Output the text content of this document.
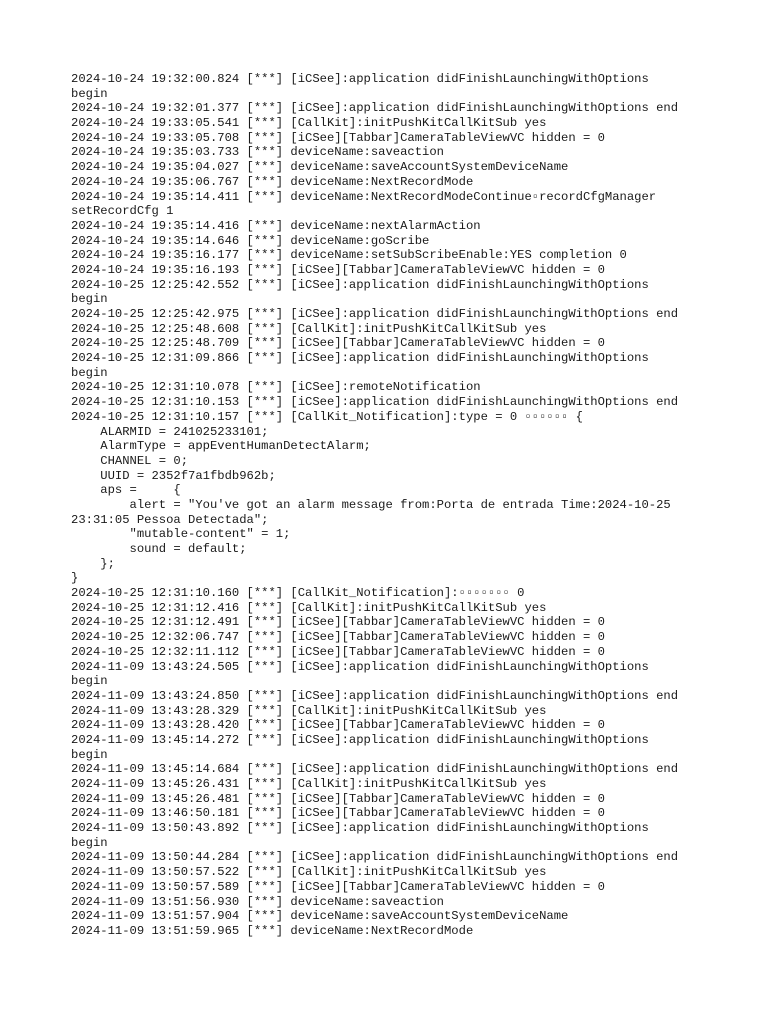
2024-10-24 19:32:00.824 [***] [iCSee]:application didFinishLaunchingWithOptions
begin
2024-10-24 19:32:01.377 [***] [iCSee]:application didFinishLaunchingWithOptions end
2024-10-24 19:33:05.541 [***] [CallKit]:initPushKitCallKitSub yes
2024-10-24 19:33:05.708 [***] [iCSee][Tabbar]CameraTableViewVC hidden = 0
2024-10-24 19:35:03.733 [***] deviceName:saveaction
2024-10-24 19:35:04.027 [***] deviceName:saveAccountSystemDeviceName
2024-10-24 19:35:06.767 [***] deviceName:NextRecordMode
2024-10-24 19:35:14.411 [***] deviceName:NextRecordModeContinue▫recordCfgManager
setRecordCfg 1
2024-10-24 19:35:14.416 [***] deviceName:nextAlarmAction
2024-10-24 19:35:14.646 [***] deviceName:goScribe
2024-10-24 19:35:16.177 [***] deviceName:setSubScribeEnable:YES completion 0
2024-10-24 19:35:16.193 [***] [iCSee][Tabbar]CameraTableViewVC hidden = 0
2024-10-25 12:25:42.552 [***] [iCSee]:application didFinishLaunchingWithOptions
begin
2024-10-25 12:25:42.975 [***] [iCSee]:application didFinishLaunchingWithOptions end
2024-10-25 12:25:48.608 [***] [CallKit]:initPushKitCallKitSub yes
2024-10-25 12:25:48.709 [***] [iCSee][Tabbar]CameraTableViewVC hidden = 0
2024-10-25 12:31:09.866 [***] [iCSee]:application didFinishLaunchingWithOptions
begin
2024-10-25 12:31:10.078 [***] [iCSee]:remoteNotification
2024-10-25 12:31:10.153 [***] [iCSee]:application didFinishLaunchingWithOptions end
2024-10-25 12:31:10.157 [***] [CallKit_Notification]:type = 0 ▫▫▫▫▫▫ {
ALARMID = 241025233101;
AlarmType = appEventHumanDetectAlarm;
CHANNEL = 0;
UUID = 2352f7a1fbdb962b;
aps =     {
alert = "You've got an alarm message from:Porta de entrada Time:2024-10-25
23:31:05 Pessoa Detectada";
"mutable-content" = 1;
sound = default;
};
}
2024-10-25 12:31:10.160 [***] [CallKit_Notification]:▫▫▫▫▫▫▫ 0
2024-10-25 12:31:12.416 [***] [CallKit]:initPushKitCallKitSub yes
2024-10-25 12:31:12.491 [***] [iCSee][Tabbar]CameraTableViewVC hidden = 0
2024-10-25 12:32:06.747 [***] [iCSee][Tabbar]CameraTableViewVC hidden = 0
2024-10-25 12:32:11.112 [***] [iCSee][Tabbar]CameraTableViewVC hidden = 0
2024-11-09 13:43:24.505 [***] [iCSee]:application didFinishLaunchingWithOptions
begin
2024-11-09 13:43:24.850 [***] [iCSee]:application didFinishLaunchingWithOptions end
2024-11-09 13:43:28.329 [***] [CallKit]:initPushKitCallKitSub yes
2024-11-09 13:43:28.420 [***] [iCSee][Tabbar]CameraTableViewVC hidden = 0
2024-11-09 13:45:14.272 [***] [iCSee]:application didFinishLaunchingWithOptions
begin
2024-11-09 13:45:14.684 [***] [iCSee]:application didFinishLaunchingWithOptions end
2024-11-09 13:45:26.431 [***] [CallKit]:initPushKitCallKitSub yes
2024-11-09 13:45:26.481 [***] [iCSee][Tabbar]CameraTableViewVC hidden = 0
2024-11-09 13:46:50.181 [***] [iCSee][Tabbar]CameraTableViewVC hidden = 0
2024-11-09 13:50:43.892 [***] [iCSee]:application didFinishLaunchingWithOptions
begin
2024-11-09 13:50:44.284 [***] [iCSee]:application didFinishLaunchingWithOptions end
2024-11-09 13:50:57.522 [***] [CallKit]:initPushKitCallKitSub yes
2024-11-09 13:50:57.589 [***] [iCSee][Tabbar]CameraTableViewVC hidden = 0
2024-11-09 13:51:56.930 [***] deviceName:saveaction
2024-11-09 13:51:57.904 [***] deviceName:saveAccountSystemDeviceName
2024-11-09 13:51:59.965 [***] deviceName:NextRecordMode
